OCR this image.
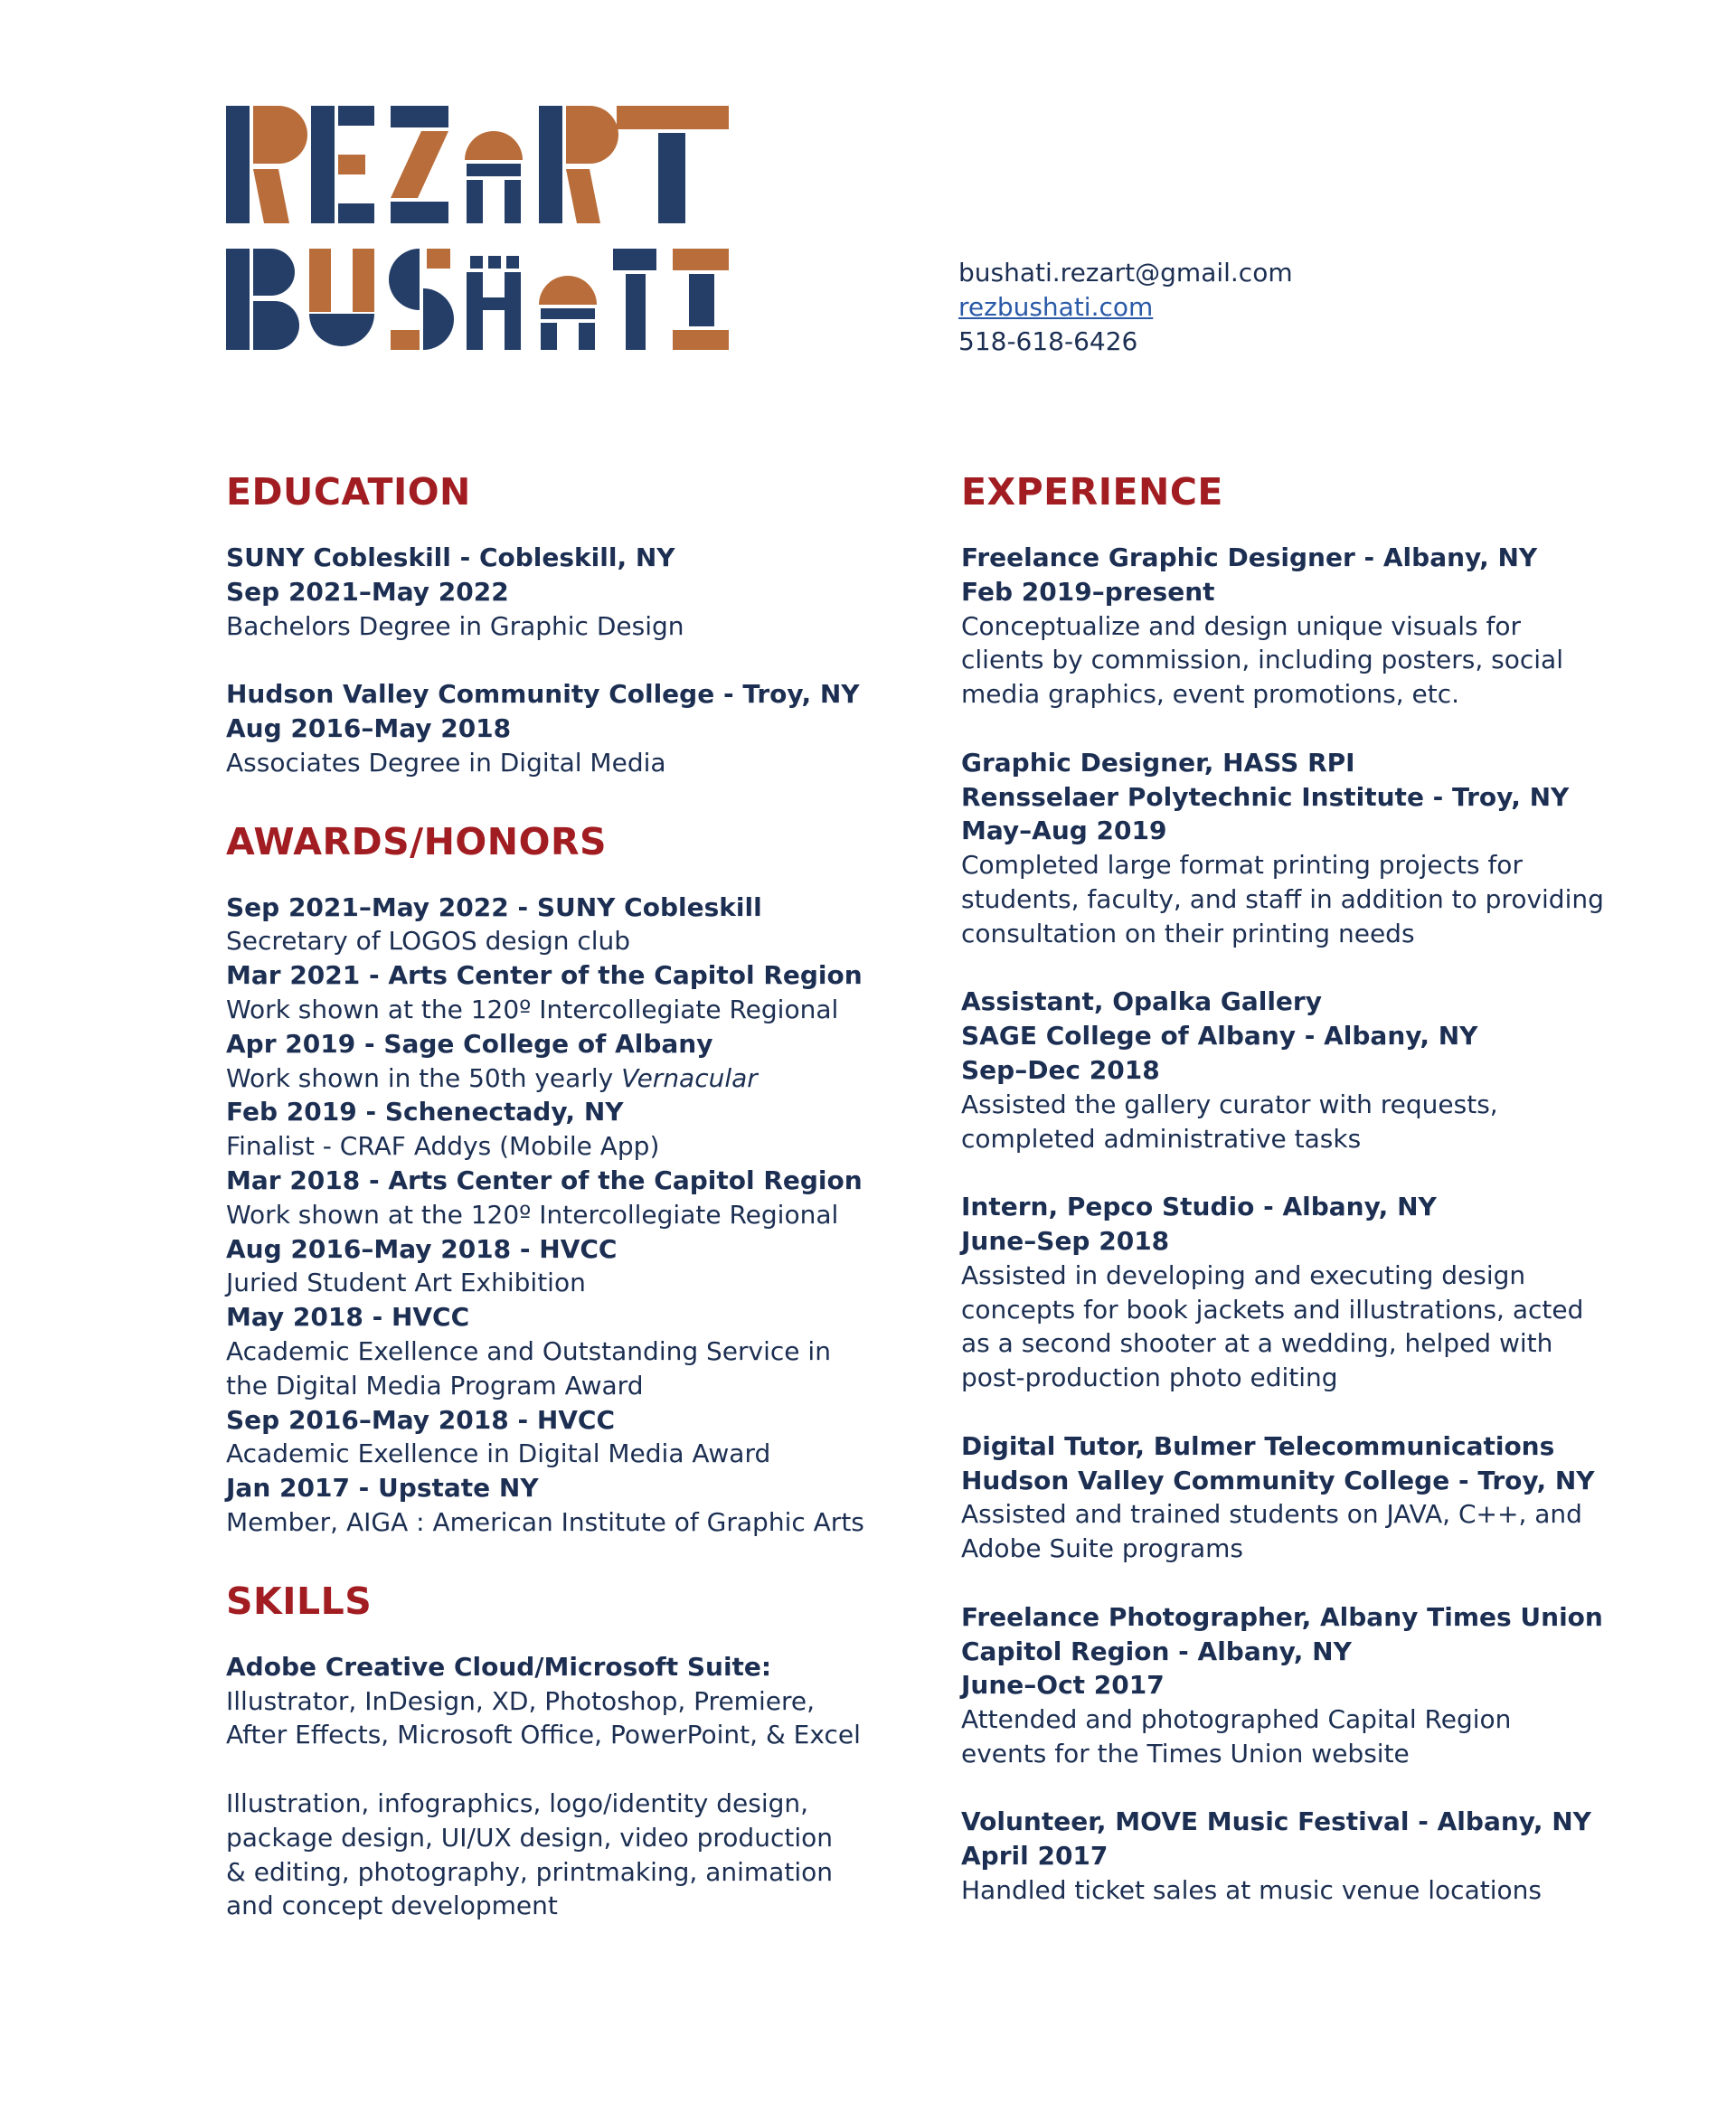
bushati.rezart@gmail.com
rezbushati.com
518-618-6426
EDUCATION
SUNY Cobleskill - Cobleskill, NY
Sep 2021–May 2022
Bachelors Degree in Graphic Design
Hudson Valley Community College - Troy, NY
Aug 2016–May 2018
Associates Degree in Digital Media
AWARDS/HONORS
Sep 2021–May 2022 - SUNY Cobleskill
Secretary of LOGOS design club
Mar 2021 - Arts Center of the Capitol Region
Work shown at the 120º Intercollegiate Regional
Apr 2019 - Sage College of Albany
Work shown in the 50th yearly Vernacular
Feb 2019 - Schenectady, NY
Finalist - CRAF Addys (Mobile App)
Mar 2018 - Arts Center of the Capitol Region
Work shown at the 120º Intercollegiate Regional
Aug 2016–May 2018 - HVCC
Juried Student Art Exhibition
May 2018 - HVCC
Academic Exellence and Outstanding Service in
the Digital Media Program Award
Sep 2016–May 2018 - HVCC
Academic Exellence in Digital Media Award
Jan 2017 - Upstate NY
Member, AIGA : American Institute of Graphic Arts
SKILLS
Adobe Creative Cloud/Microsoft Suite:
Illustrator, InDesign, XD, Photoshop, Premiere,
After Effects, Microsoft Office, PowerPoint, & Excel
Illustration, infographics, logo/identity design,
package design, UI/UX design, video production
& editing, photography, printmaking, animation
and concept development
EXPERIENCE
Freelance Graphic Designer - Albany, NY
Feb 2019–present
Conceptualize and design unique visuals for
clients by commission, including posters, social
media graphics, event promotions, etc.
Graphic Designer, HASS RPI
Rensselaer Polytechnic Institute - Troy, NY
May–Aug 2019
Completed large format printing projects for
students, faculty, and staff in addition to providing
consultation on their printing needs
Assistant, Opalka Gallery
SAGE College of Albany - Albany, NY
Sep–Dec 2018
Assisted the gallery curator with requests,
completed administrative tasks
Intern, Pepco Studio - Albany, NY
June–Sep 2018
Assisted in developing and executing design
concepts for book jackets and illustrations, acted
as a second shooter at a wedding, helped with
post-production photo editing
Digital Tutor, Bulmer Telecommunications
Hudson Valley Community College - Troy, NY
Assisted and trained students on JAVA, C++, and
Adobe Suite programs
Freelance Photographer, Albany Times Union
Capitol Region - Albany, NY
June–Oct 2017
Attended and photographed Capital Region
events for the Times Union website
Volunteer, MOVE Music Festival - Albany, NY
April 2017
Handled ticket sales at music venue locations
